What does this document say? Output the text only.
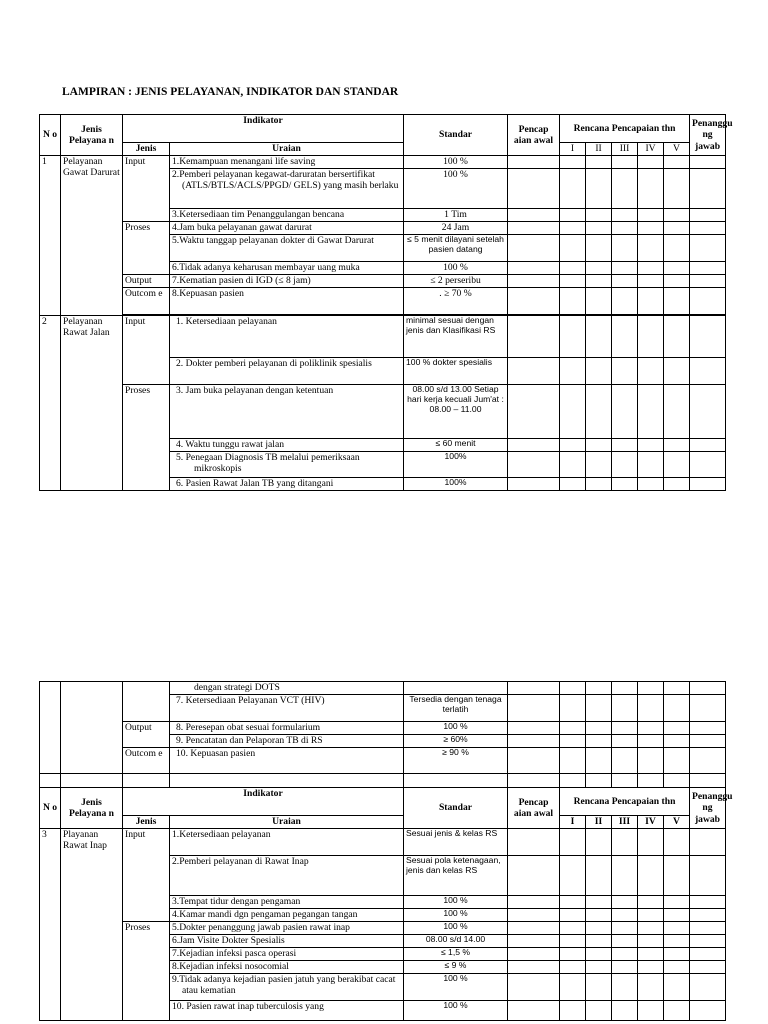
LAMPIRAN : JENIS PELAYANAN, INDIKATOR DAN STANDAR
N o	Jenis Pelayana n	Indikator		Standar	Pencap aian awal	Rencana Pencapaian thn					Penanggu ng jawab
		Jenis	Uraian			I	II	III	IV	V	
1	Pelayanan Gawat Darurat	Input	1.Kemampuan menangani life saving	100 %							

			2.Pemberi pelayanan kegawat-daruratan bersertifikat (ATLS/BTLS/ACLS/PPGD/ GELS) yang masih berlaku	100 %							

			3.Ketersediaan tim Penanggulangan bencana	1 Tim							
		Proses	4.Jam buka pelayanan gawat darurat	24 Jam							

			5.Waktu tanggap pelayanan dokter di Gawat Darurat	≤ 5 menit dilayani setelah pasien datang							

			6.Tidak adanya keharusan membayar uang muka	100 %							
		Output	7.Kematian pasien di IGD (≤ 8 jam)	≤ 2 perseribu							
		Outcom e	8.Kepuasan pasien	. ≥ 70 %							

2	Pelayanan Rawat Jalan	Input	1. Ketersediaan pelayanan	minimal sesuai dengan jenis dan Klasifikasi RS							

			2. Dokter pemberi pelayanan di poliklinik spesialis	100 % dokter spesialis							
		Proses	3. Jam buka pelayanan dengan ketentuan	08.00 s/d 13.00 Setiap hari kerja kecuali Jum'at : 08.00 – 11.00							

			4. Waktu tunggu rawat jalan	≤ 60 menit							

			5. Penegaan Diagnosis TB melalui pemeriksaan mikroskopis	100%							

			6. Pasien Rawat Jalan TB yang ditangani	100%							
			dengan strategi DOTS								

			7. Ketersediaan Pelayanan VCT (HIV)	Tersedia dengan tenaga terlatih							
		Output	8. Peresepan obat sesuai formularium	100 %							

			9. Pencatatan dan Pelaporan TB di RS	≥ 60%							
		Outcom e	10. Kepuasan pasien	≥ 90 %							

N o	Jenis Pelayana n	Indikator		Standar	Pencap aian awal	Rencana Pencapaian thn					Penanggu ng jawab
		Jenis	Uraian			I	II	III	IV	V	
3	Playanan Rawat Inap	Input	1.Ketersediaan pelayanan	Sesuai jenis & kelas RS							

			2.Pemberi pelayanan di Rawat Inap	Sesuai pola ketenagaan, jenis dan kelas RS							

			3.Tempat tidur dengan pengaman	100 %							

			4.Kamar mandi dgn pengaman pegangan tangan	100 %							
		Proses	5.Dokter penanggung jawab pasien rawat inap	100 %							

			6.Jam Visite Dokter Spesialis	08.00 s/d 14.00							

			7.Kejadian infeksi pasca operasi	≤ 1,5 %							

			8.Kejadian infeksi nosocomial	≤ 9 %							

			9.Tidak adanya kejadian pasien jatuh yang berakibat cacat atau kematian	100 %							

			10. Pasien rawat inap tuberculosis yang	100 %							
